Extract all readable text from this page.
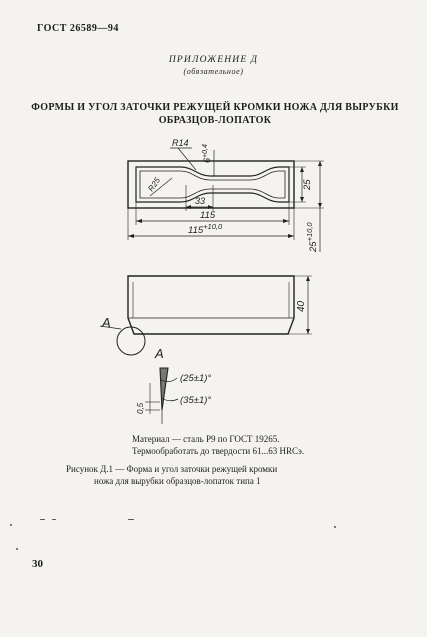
ГОСТ 26589—94
ПРИЛОЖЕНИЕ Д
(обязательное)
ФОРМЫ И УГОЛ ЗАТОЧКИ РЕЖУЩЕЙ КРОМКИ НОЖА ДЛЯ ВЫРУБКИ
ОБРАЗЦОВ-ЛОПАТОК
R14
R25
$6^{+0,4}$
33
115
$115^{+10,0}$
25
$25^{+10,0}$
40
A
A
(25±1)°
(35±1)°
0,5
Материал — сталь Р9 по ГОСТ 19265.
Термообработать до твердости 61...63 HRCэ.
Рисунок Д.1 — Форма и угол заточки режущей кромки
ножа для вырубки образцов-лопаток типа 1
30
